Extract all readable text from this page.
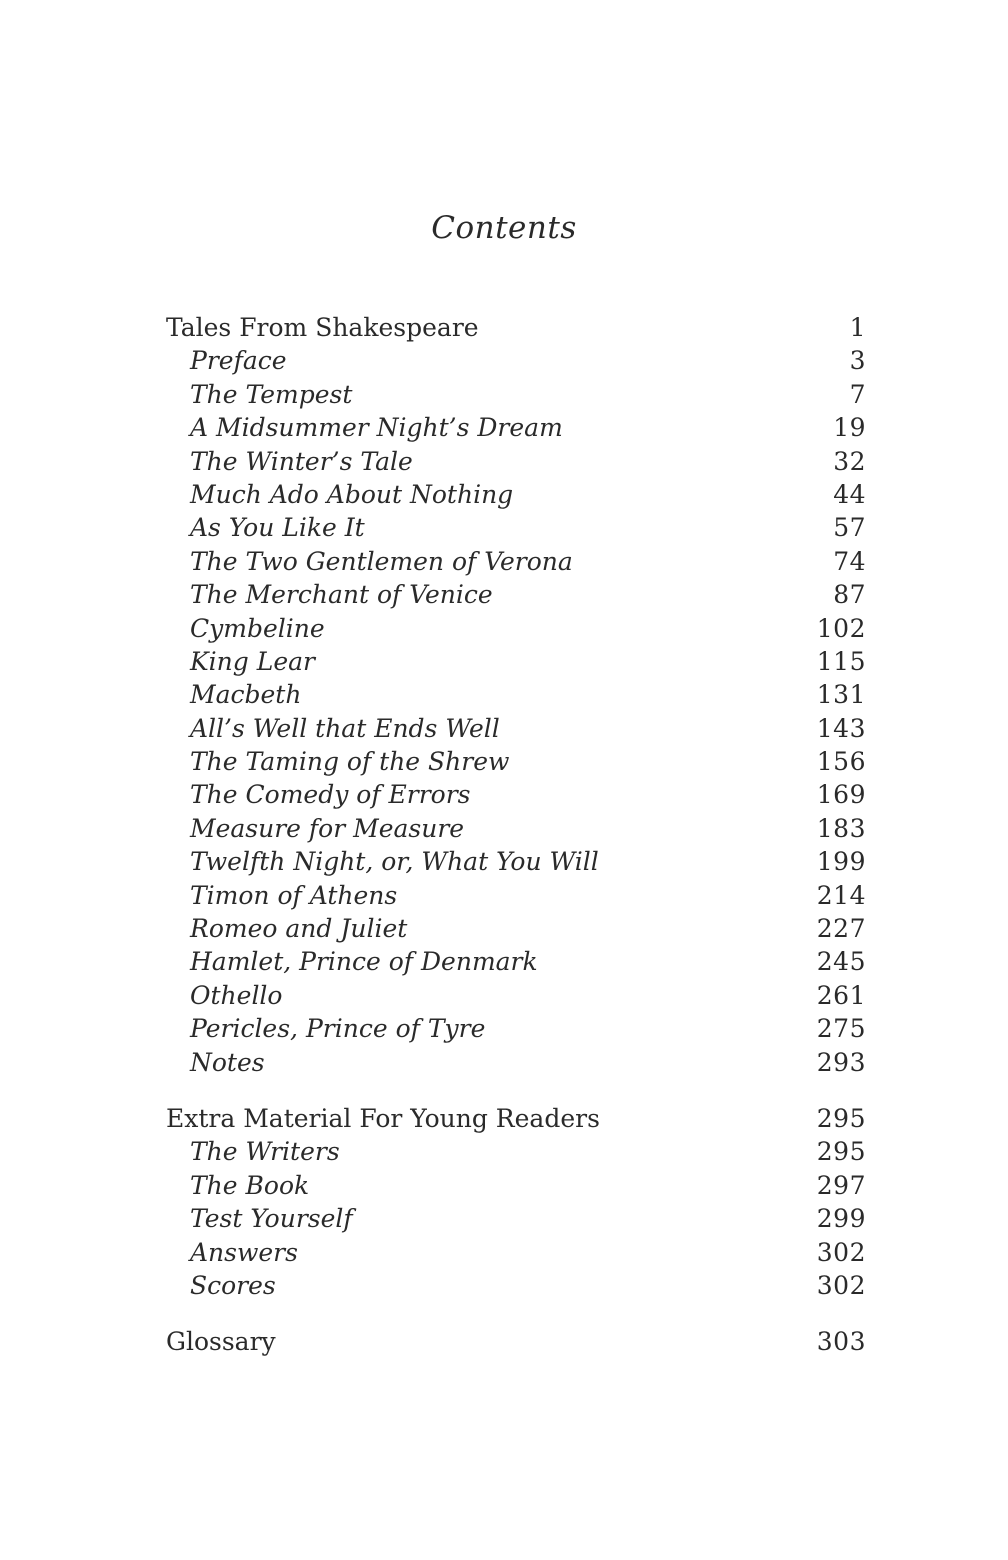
Contents
Tales From Shakespeare	1
Preface	3
The Tempest	7
A Midsummer Night’s Dream	19
The Winter’s Tale	32
Much Ado About Nothing	44
As You Like It	57
The Two Gentlemen of Verona	74
The Merchant of Venice	87
Cymbeline	102
King Lear	115
Macbeth	131
All’s Well that Ends Well	143
The Taming of the Shrew	156
The Comedy of Errors	169
Measure for Measure	183
Twelfth Night, or, What You Will	199
Timon of Athens	214
Romeo and Juliet	227
Hamlet, Prince of Denmark	245
Othello	261
Pericles, Prince of Tyre	275
Notes	293
Extra Material For Young Readers	295
The Writers	295
The Book	297
Test Yourself	299
Answers	302
Scores	302
Glossary	303
